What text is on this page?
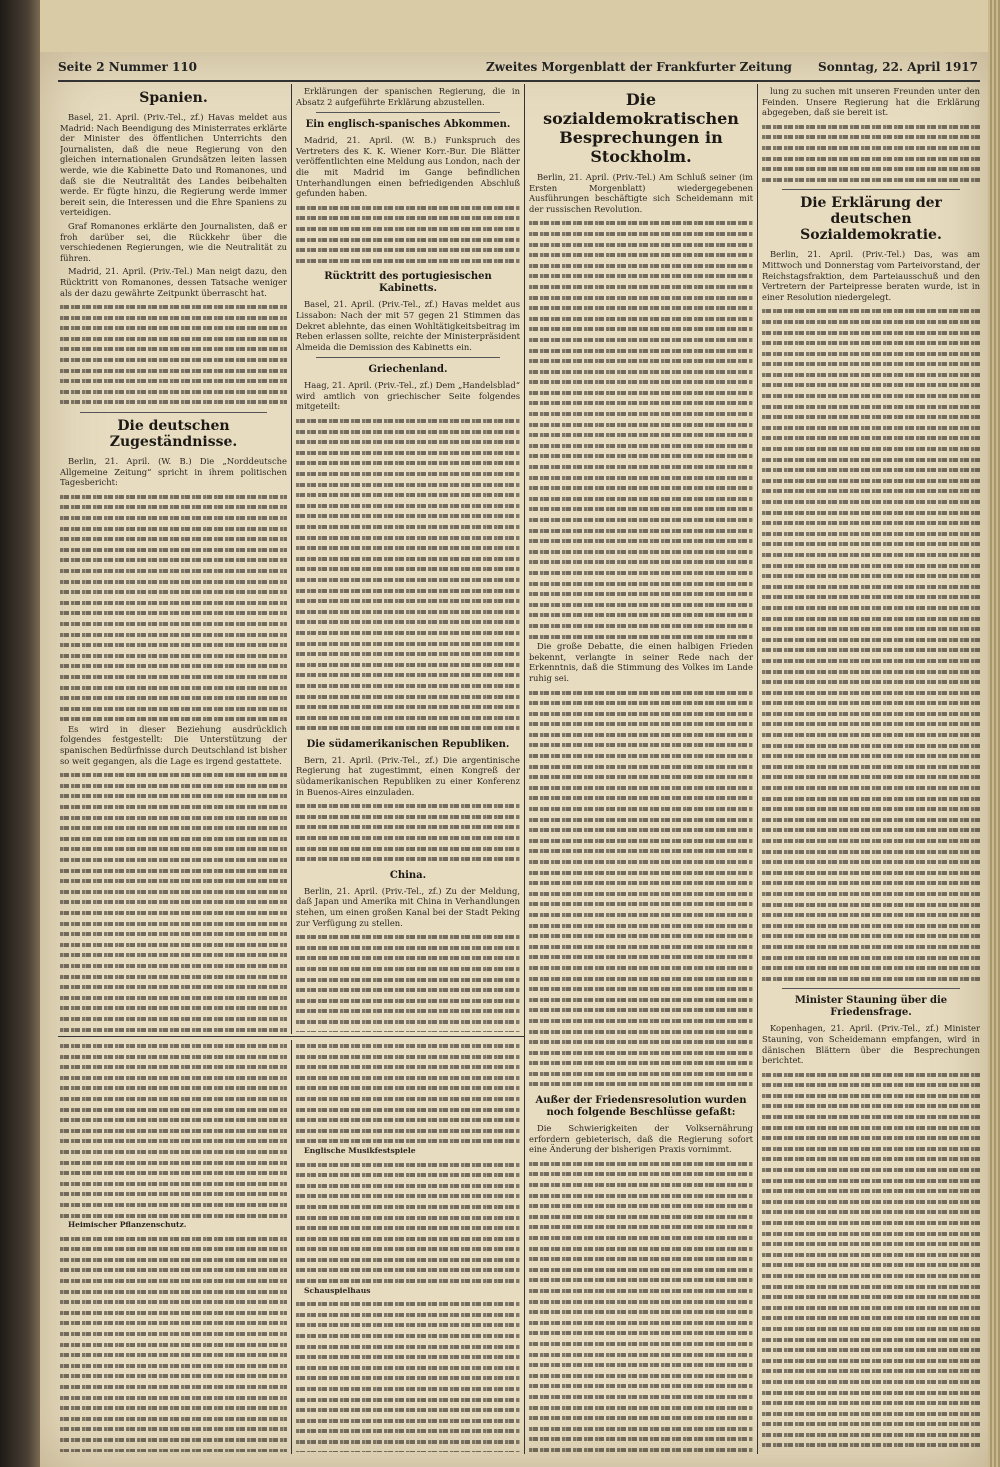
Seite 2 Nummer 110	Zweites Morgenblatt der Frankfurter Zeitung Sonntag, 22. April 1917
Spanien.

Basel, 21. April. (Priv.-Tel., zf.) Havas meldet aus Madrid: Nach Beendigung des Ministerrates erklärte der Minister des öffentlichen Unterrichts den Journalisten, daß die neue Regierung von den gleichen internationalen Grundsätzen leiten lassen werde, wie die Kabinette Dato und Romanones, und daß sie die Neutralität des Landes beibehalten werde. Er fügte hinzu, die Regierung werde immer bereit sein, die Interessen und die Ehre Spaniens zu verteidigen.

Graf Romanones erklärte den Journalisten, daß er froh darüber sei, die Rückkehr über die verschiedenen Regierungen, wie die Neutralität zu führen.

Madrid, 21. April. (Priv.-Tel.) Man neigt dazu, den Rücktritt von Romanones, dessen Tatsache weniger als der dazu gewährte Zeitpunkt überrascht hat.

Die deutschen Zugeständnisse.

Berlin, 21. April. (W. B.) Die „Norddeutsche Allgemeine Zeitung“ spricht in ihrem politischen Tagesbericht:

Es wird in dieser Beziehung ausdrücklich folgendes festgestellt: Die Unterstützung der spanischen Bedürfnisse durch Deutschland ist bisher so weit gegangen, als die Lage es irgend gestattete.

Erklärungen der spanischen Regierung, die in Absatz 2 aufgeführte Erklärung abzustellen.

Ein englisch-spanisches Abkommen.

Madrid, 21. April. (W. B.) Funkspruch des Vertreters des K. K. Wiener Korr.-Bur. Die Blätter veröffentlichten eine Meldung aus London, nach der die mit Madrid im Gange befindlichen Unterhandlungen einen befriedigenden Abschluß gefunden haben.

Rücktritt des portugiesischen Kabinetts.

Basel, 21. April. (Priv.-Tel., zf.) Havas meldet aus Lissabon: Nach der mit 57 gegen 21 Stimmen das Dekret ablehnte, das einen Wohltätigkeitsbeitrag im Reben erlassen sollte, reichte der Ministerpräsident Almeida die Demission des Kabinetts ein.

Griechenland.

Haag, 21. April. (Priv.-Tel., zf.) Dem „Handelsblad“ wird amtlich von griechischer Seite folgendes mitgeteilt:

Die südamerikanischen Republiken.

Bern, 21. April. (Priv.-Tel., zf.) Die argentinische Regierung hat zugestimmt, einen Kongreß der südamerikanischen Republiken zu einer Konferenz in Buenos-Aires einzuladen.

China.

Berlin, 21. April. (Priv.-Tel., zf.) Zu der Meldung, daß Japan und Amerika mit China in Verhandlungen stehen, um einen großen Kanal bei der Stadt Peking zur Verfügung zu stellen.

Die sozialdemokratischen Besprechungen in Stockholm.

Berlin, 21. April. (Priv.-Tel.) Am Schluß seiner (im Ersten Morgenblatt) wiedergegebenen Ausführungen beschäftigte sich Scheidemann mit der russischen Revolution.

Die große Debatte, die einen halbigen Frieden bekennt, verlangte in seiner Rede nach der Erkenntnis, daß die Stimmung des Volkes im Lande ruhig sei.

Außer der Friedensresolution wurden noch folgende Beschlüsse gefaßt:

Die Schwierigkeiten der Volksernährung erfordern gebieterisch, daß die Regierung sofort eine Änderung der bisherigen Praxis vornimmt.

lung zu suchen mit unseren Freunden unter den Feinden. Unsere Regierung hat die Erklärung abgegeben, daß sie bereit ist.

Die Erklärung der deutschen Sozialdemokratie.

Berlin, 21. April. (Priv.-Tel.) Das, was am Mittwoch und Donnerstag vom Parteivorstand, der Reichstagsfraktion, dem Parteiausschuß und den Vertretern der Parteipresse beraten wurde, ist in einer Resolution niedergelegt.

Minister Stauning über die Friedensfrage.

Kopenhagen, 21. April. (Priv.-Tel., zf.) Minister Stauning, von Scheidemann empfangen, wird in dänischen Blättern über die Besprechungen berichtet.

Heimischer Pflanzenschutz.

Englische Musikfestspiele

Schauspielhaus
